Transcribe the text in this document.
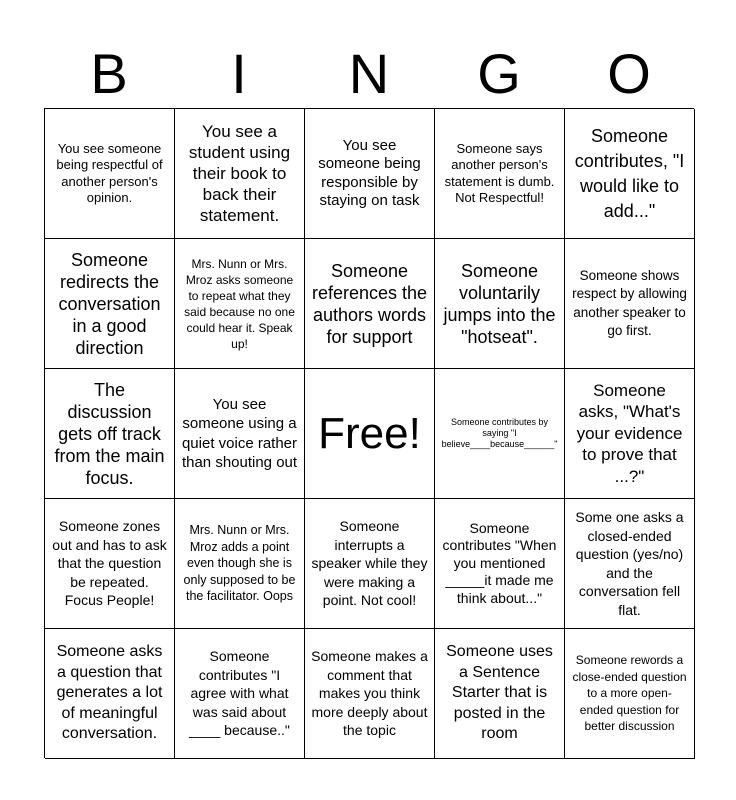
B	I	N	G	O
You see someone being respectful of another person's opinion.
You see a student using their book to back their statement.
You see someone being responsible by staying on task
Someone says another person's statement is dumb. Not Respectful!
Someone contributes, "I would like to add..."
Someone redirects the conversation in a good direction
Mrs. Nunn or Mrs. Mroz asks someone to repeat what they said because no one could hear it. Speak up!
Someone references the authors words for support
Someone voluntarily jumps into the "hotseat".
Someone shows respect by allowing another speaker to go first.
The discussion gets off track from the main focus.
You see someone using a quiet voice rather than shouting out
Free!	Someone contributes by saying "I believe____because______"
Someone asks, "What's your evidence to prove that ...?"
Someone zones out and has to ask that the question be repeated. Focus People!
Mrs. Nunn or Mrs. Mroz adds a point even though she is only supposed to be the facilitator. Oops
Someone interrupts a speaker while they were making a point. Not cool!
Someone contributes "When you mentioned _____it made me think about..."
Some one asks a closed-ended question (yes/no) and the conversation fell flat.
Someone asks a question that generates a lot of meaningful conversation.
Someone contributes "I agree with what was said about ____ because.."
Someone makes a comment that makes you think more deeply about the topic
Someone uses a Sentence Starter that is posted in the room
Someone rewords a close-ended question to a more open-ended question for better discussion
